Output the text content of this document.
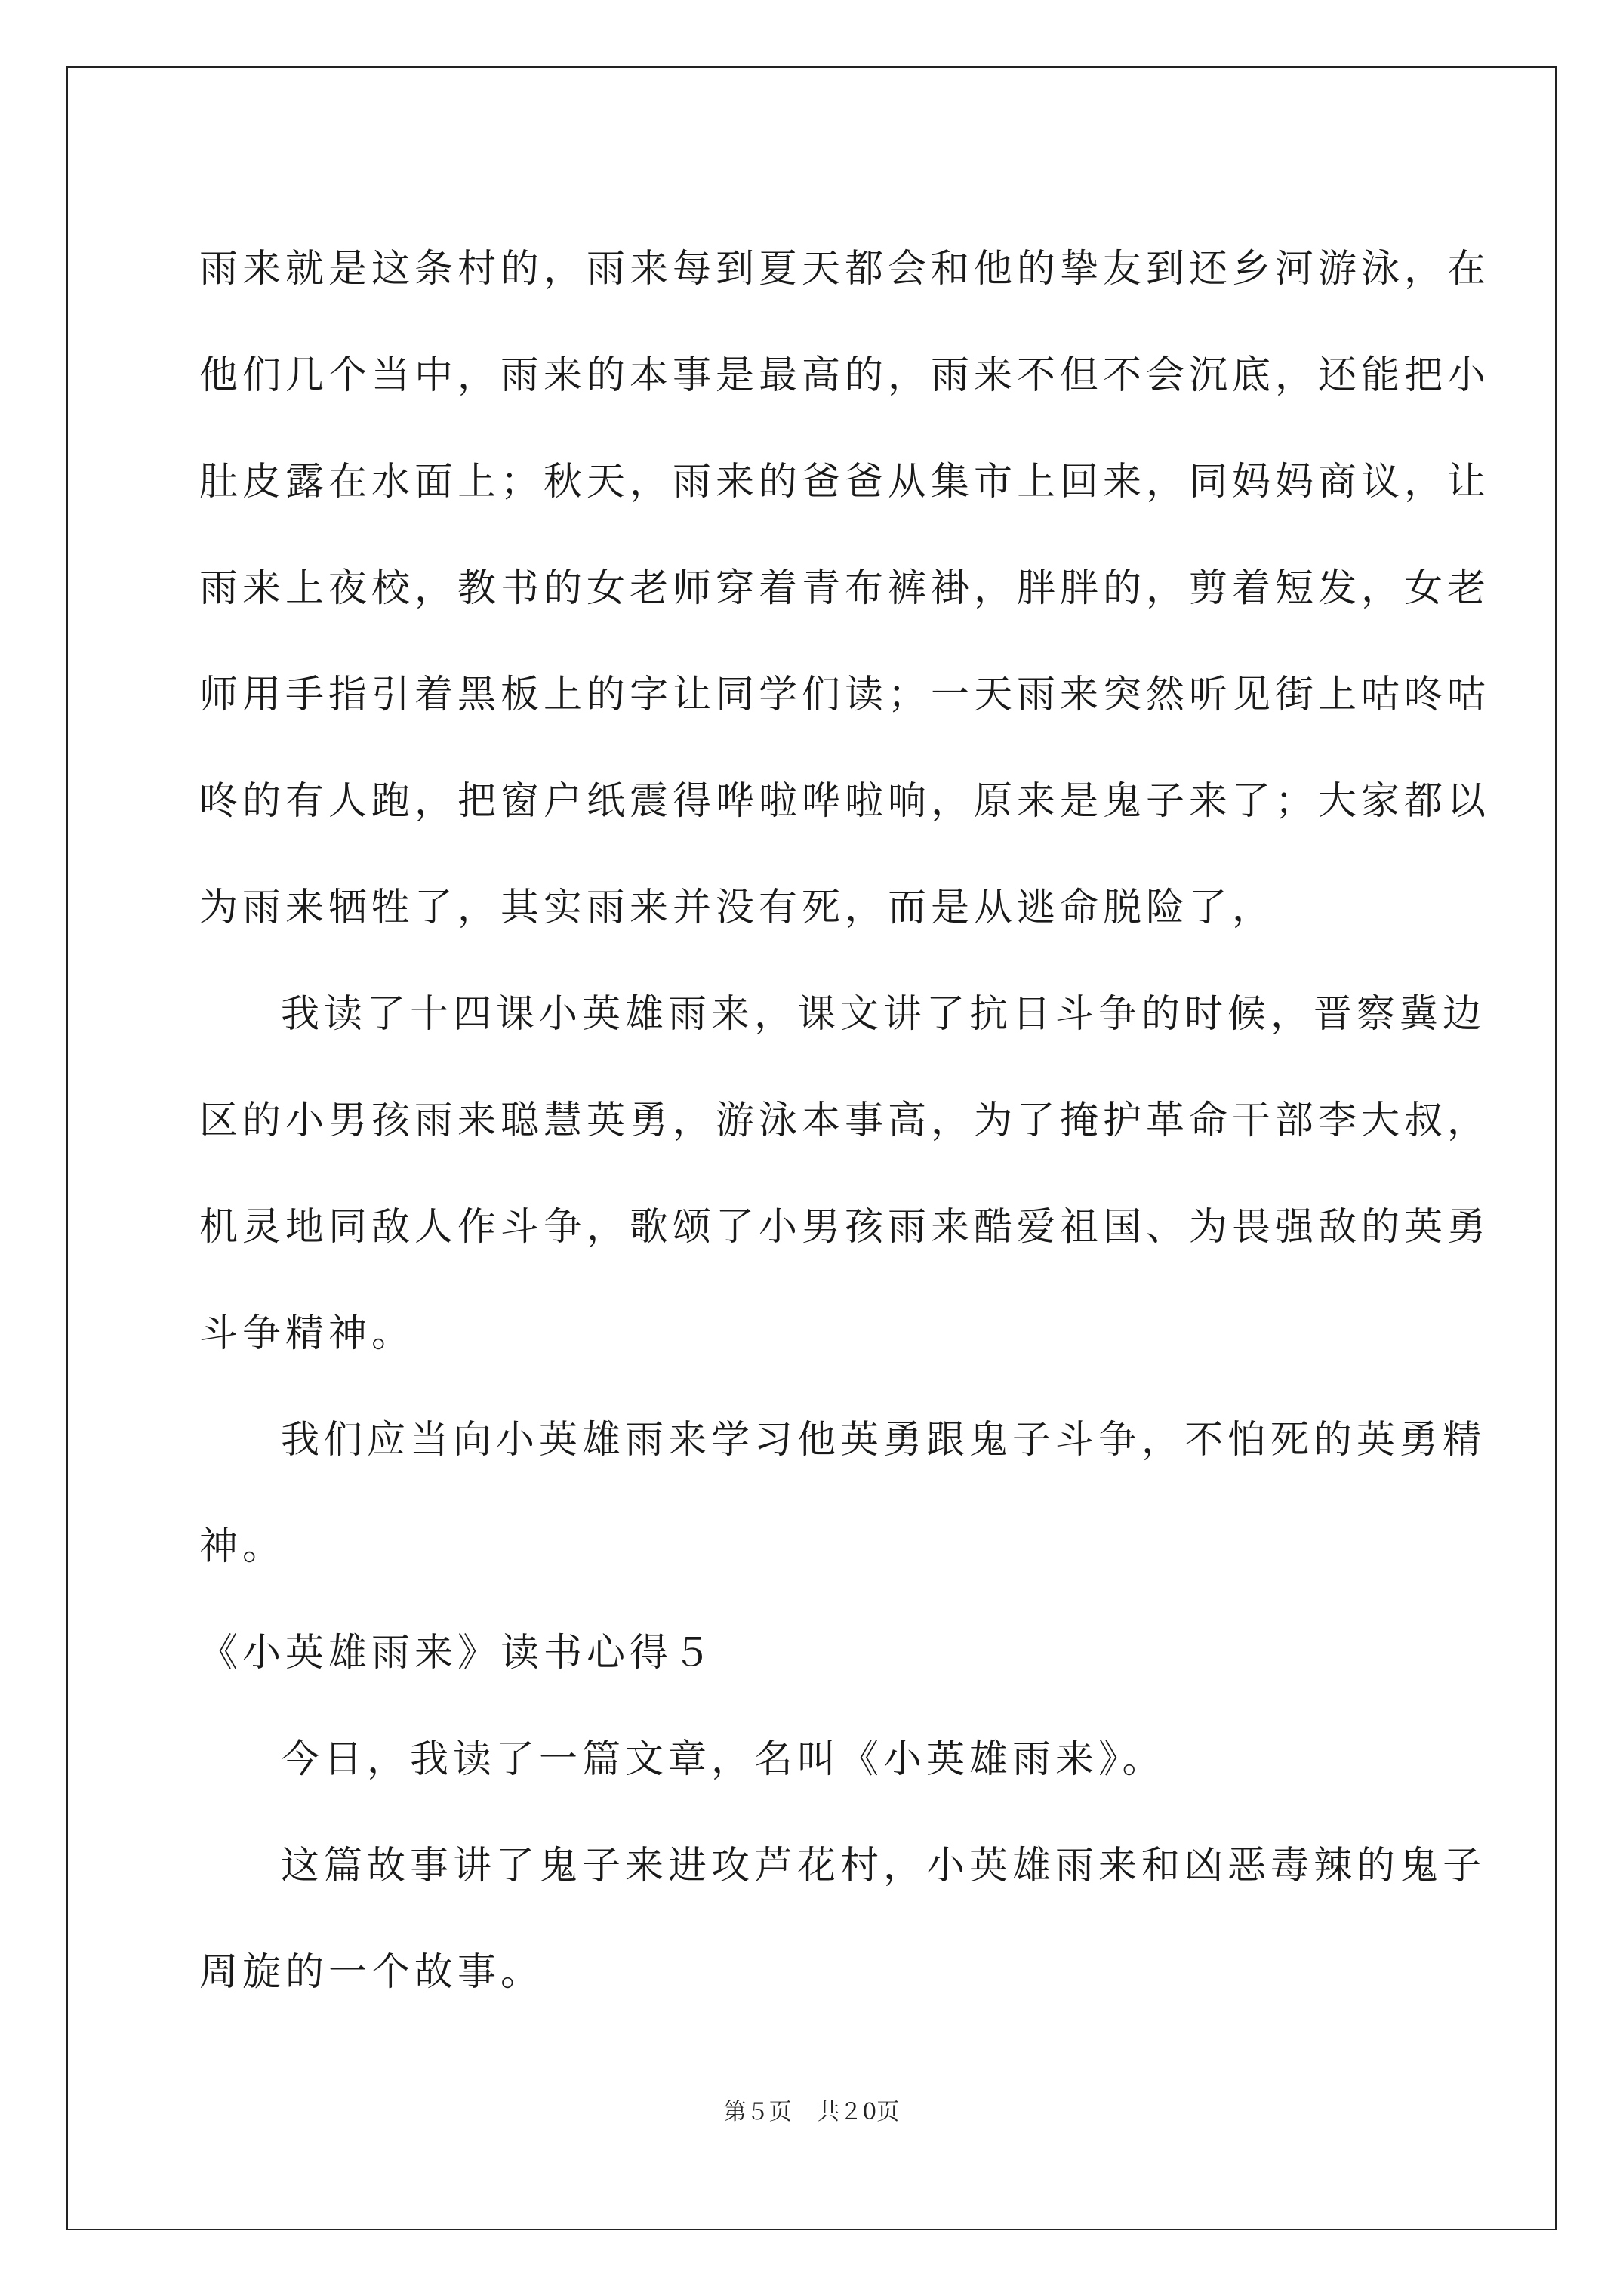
雨来就是这条村的，雨来每到夏天都会和他的挚友到还乡河游泳，在
他们几个当中，雨来的本事是最高的，雨来不但不会沉底，还能把小
肚皮露在水面上；秋天，雨来的爸爸从集市上回来，同妈妈商议，让
雨来上夜校，教书的女老师穿着青布裤褂，胖胖的，剪着短发，女老
师用手指引着黑板上的字让同学们读；一天雨来突然听见街上咕咚咕
咚的有人跑，把窗户纸震得哗啦哗啦响，原来是鬼子来了；大家都以
为雨来牺牲了，其实雨来并没有死，而是从逃命脱险了，
我读了十四课小英雄雨来，课文讲了抗日斗争的时候，晋察冀边
区的小男孩雨来聪慧英勇，游泳本事高，为了掩护革命干部李大叔，
机灵地同敌人作斗争，歌颂了小男孩雨来酷爱祖国、为畏强敌的英勇
斗争精神。
我们应当向小英雄雨来学习他英勇跟鬼子斗争，不怕死的英勇精
神。
《小英雄雨来》读书心得５
今日，我读了一篇文章，名叫《小英雄雨来》。
这篇故事讲了鬼子来进攻芦花村，小英雄雨来和凶恶毒辣的鬼子
周旋的一个故事。
第５页 共２0页
